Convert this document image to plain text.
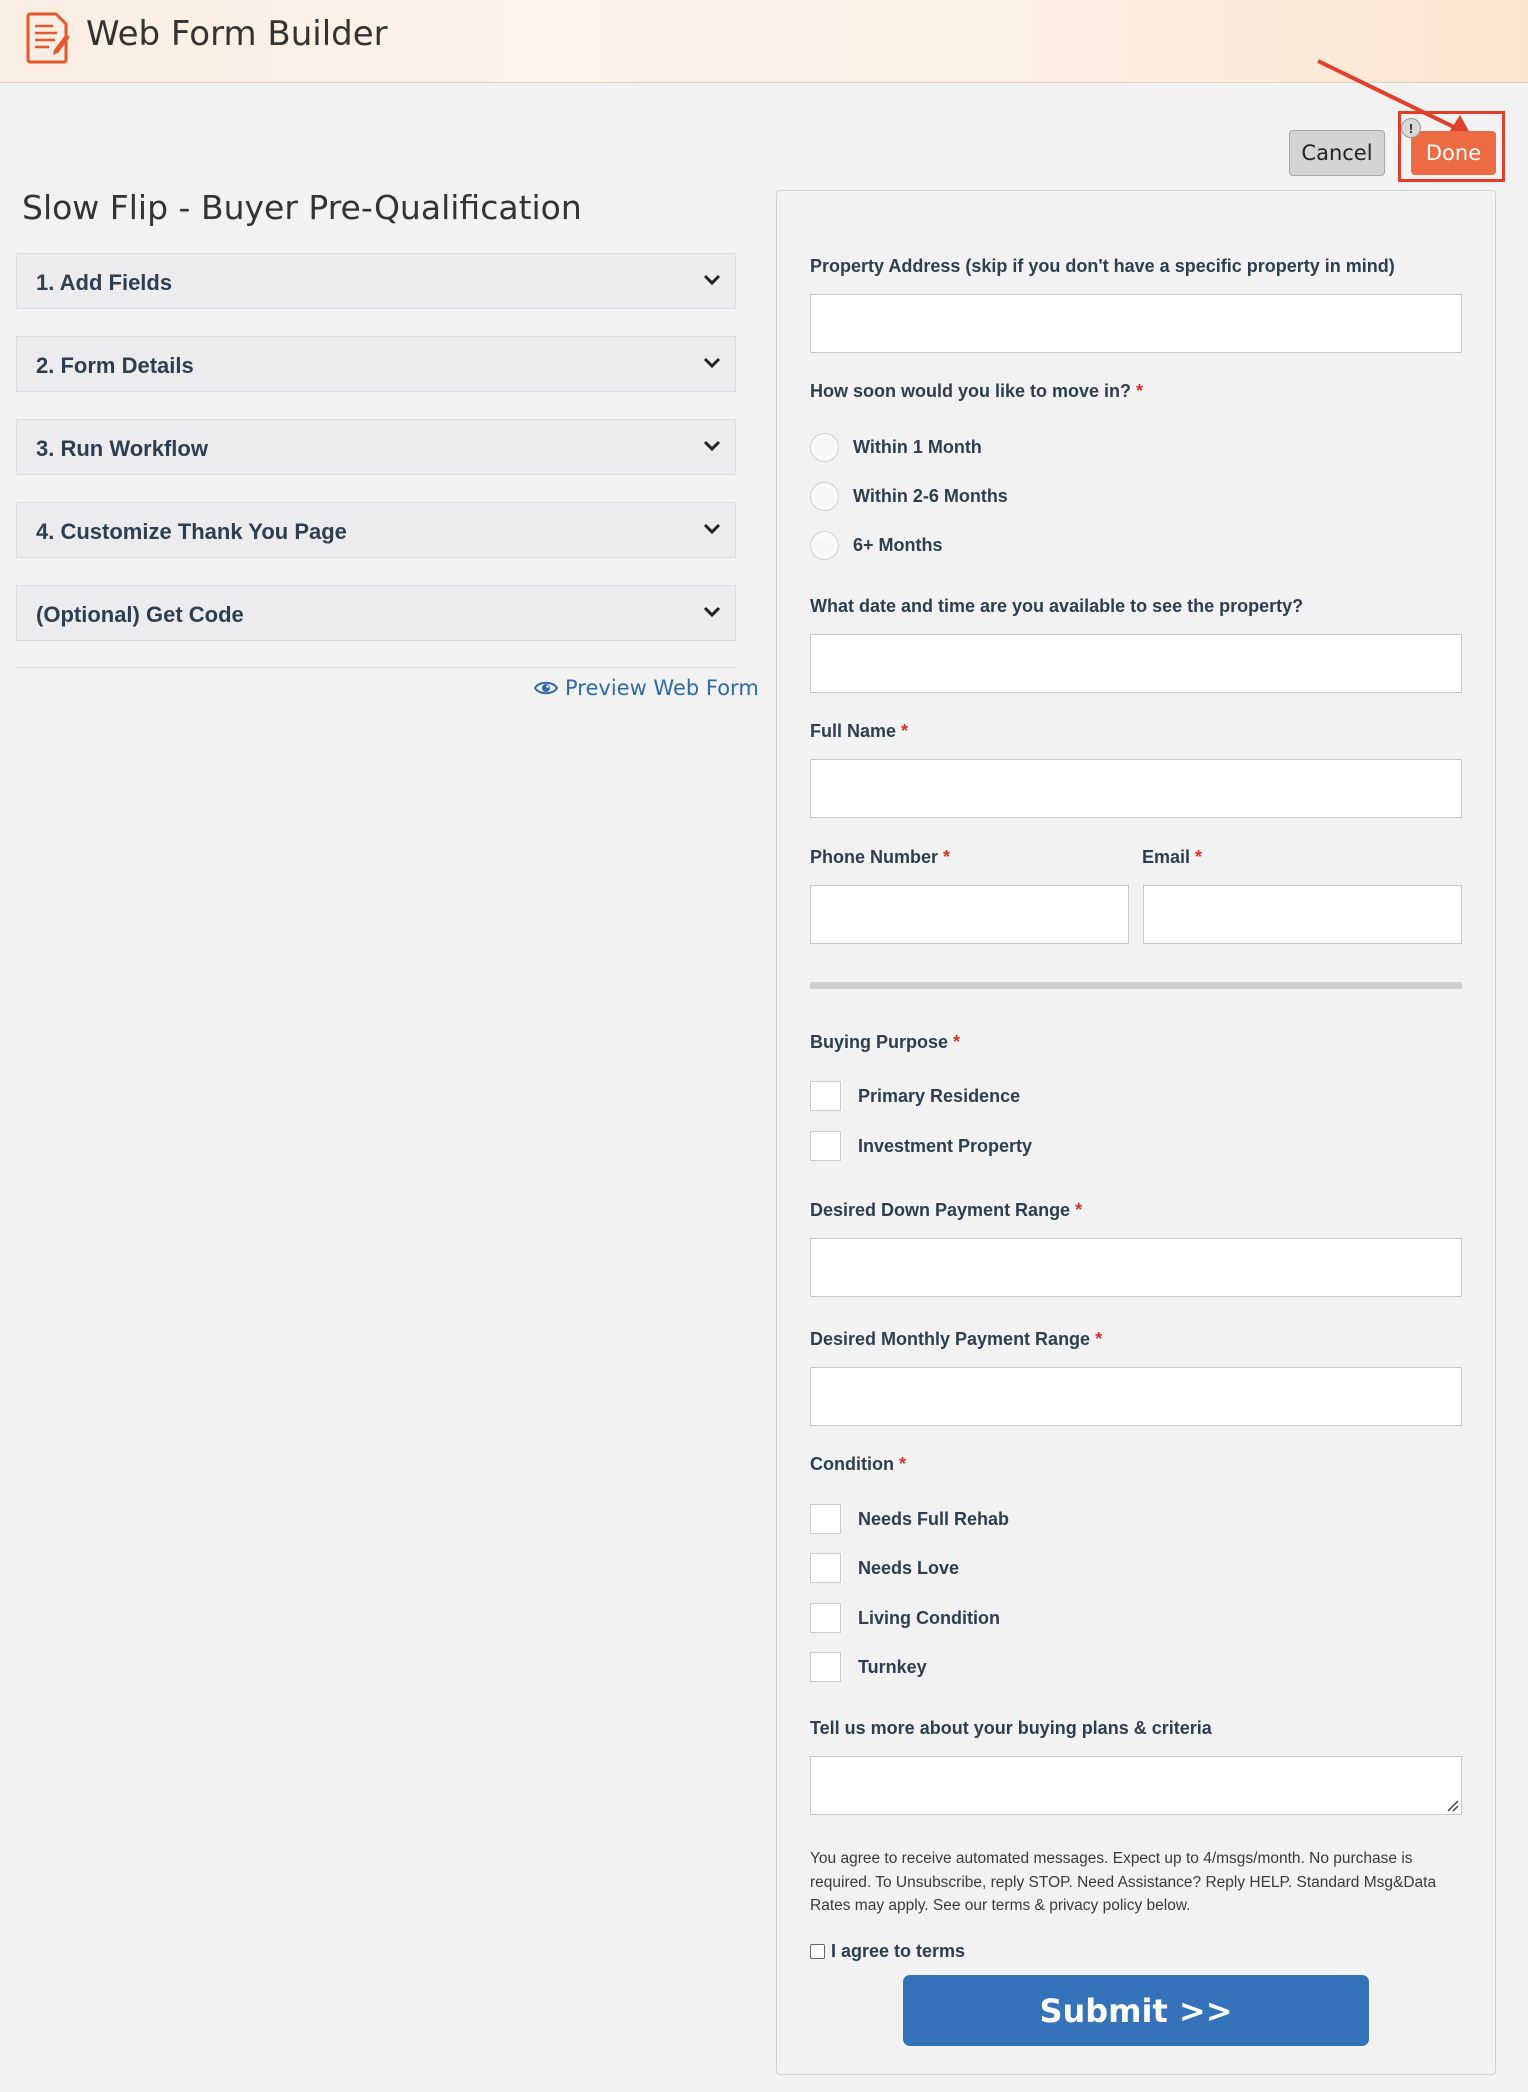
Web Form Builder
Cancel	Done
!
Slow Flip - Buyer Pre-Qualification
1. Add Fields
2. Form Details
3. Run Workflow
4. Customize Thank You Page
(Optional) Get Code
Preview Web Form
Property Address (skip if you don't have a specific property in mind)
How soon would you like to move in? *
Within 1 Month
Within 2-6 Months
6+ Months
What date and time are you available to see the property?
Full Name *
Phone Number *	Email *
Buying Purpose *
Primary Residence
Investment Property
Desired Down Payment Range *
Desired Monthly Payment Range *
Condition *
Needs Full Rehab
Needs Love
Living Condition
Turnkey
Tell us more about your buying plans & criteria
You agree to receive automated messages. Expect up to 4/msgs/month. No purchase is required. To Unsubscribe, reply STOP. Need Assistance? Reply HELP. Standard Msg&Data Rates may apply. See our terms & privacy policy below.
I agree to terms
Submit >>
